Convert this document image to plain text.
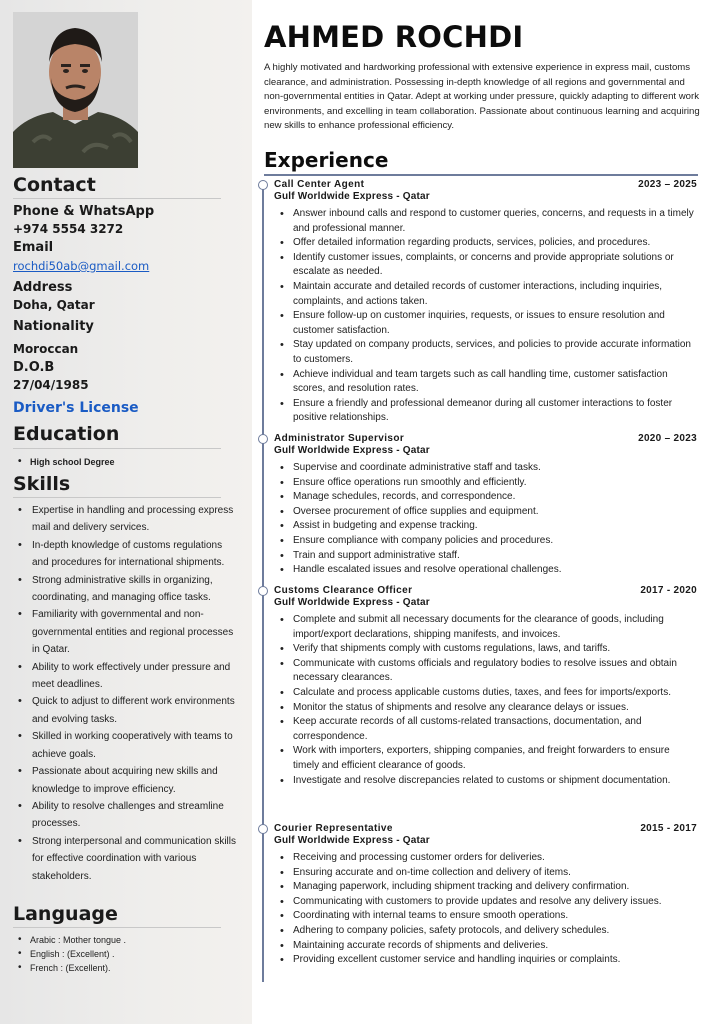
Contact
Phone & WhatsApp
+974 5554 3272
Email
rochdi50ab@gmail.com
Address
Doha, Qatar
Nationality
Moroccan
D.O.B
27/04/1985
Driver's License
Education
• High school Degree
Skills
• Expertise in handling and processing express mail and delivery services.
• In-depth knowledge of customs regulations and procedures for international shipments.
• Strong administrative skills in organizing, coordinating, and managing office tasks.
• Familiarity with governmental and non-governmental entities and regional processes in Qatar.
• Ability to work effectively under pressure and meet deadlines.
• Quick to adjust to different work environments and evolving tasks.
• Skilled in working cooperatively with teams to achieve goals.
• Passionate about acquiring new skills and knowledge to improve efficiency.
• Ability to resolve challenges and streamline processes.
• Strong interpersonal and communication skills for effective coordination with various stakeholders.
Language
• Arabic : Mother tongue .
• English : (Excellent) .
• French : (Excellent).
AHMED ROCHDI
A highly motivated and hardworking professional with extensive experience in express mail, customs clearance, and administration. Possessing in-depth knowledge of all regions and governmental and non-governmental entities in Qatar. Adept at working under pressure, quickly adapting to different work environments, and excelling in team collaboration. Passionate about continuous learning and acquiring new skills to enhance professional efficiency.
Experience
Call Center Agent	2023 – 2025
Gulf Worldwide Express - Qatar
• Answer inbound calls and respond to customer queries, concerns, and requests in a timely and professional manner.
• Offer detailed information regarding products, services, policies, and procedures.
• Identify customer issues, complaints, or concerns and provide appropriate solutions or escalate as needed.
• Maintain accurate and detailed records of customer interactions, including inquiries, complaints, and actions taken.
• Ensure follow-up on customer inquiries, requests, or issues to ensure resolution and customer satisfaction.
• Stay updated on company products, services, and policies to provide accurate information to customers.
• Achieve individual and team targets such as call handling time, customer satisfaction scores, and resolution rates.
• Ensure a friendly and professional demeanor during all customer interactions to foster positive relationships.
Administrator Supervisor	2020 – 2023
Gulf Worldwide Express - Qatar
• Supervise and coordinate administrative staff and tasks.
• Ensure office operations run smoothly and efficiently.
• Manage schedules, records, and correspondence.
• Oversee procurement of office supplies and equipment.
• Assist in budgeting and expense tracking.
• Ensure compliance with company policies and procedures.
• Train and support administrative staff.
• Handle escalated issues and resolve operational challenges.
Customs Clearance Officer	2017 - 2020
Gulf Worldwide Express - Qatar
• Complete and submit all necessary documents for the clearance of goods, including import/export declarations, shipping manifests, and invoices.
• Verify that shipments comply with customs regulations, laws, and tariffs.
• Communicate with customs officials and regulatory bodies to resolve issues and obtain necessary clearances.
• Calculate and process applicable customs duties, taxes, and fees for imports/exports.
• Monitor the status of shipments and resolve any clearance delays or issues.
• Keep accurate records of all customs-related transactions, documentation, and correspondence.
• Work with importers, exporters, shipping companies, and freight forwarders to ensure timely and efficient clearance of goods.
• Investigate and resolve discrepancies related to customs or shipment documentation.
Courier Representative	2015 - 2017
Gulf Worldwide Express - Qatar
• Receiving and processing customer orders for deliveries.
• Ensuring accurate and on-time collection and delivery of items.
• Managing paperwork, including shipment tracking and delivery confirmation.
• Communicating with customers to provide updates and resolve any delivery issues.
• Coordinating with internal teams to ensure smooth operations.
• Adhering to company policies, safety protocols, and delivery schedules.
• Maintaining accurate records of shipments and deliveries.
• Providing excellent customer service and handling inquiries or complaints.
